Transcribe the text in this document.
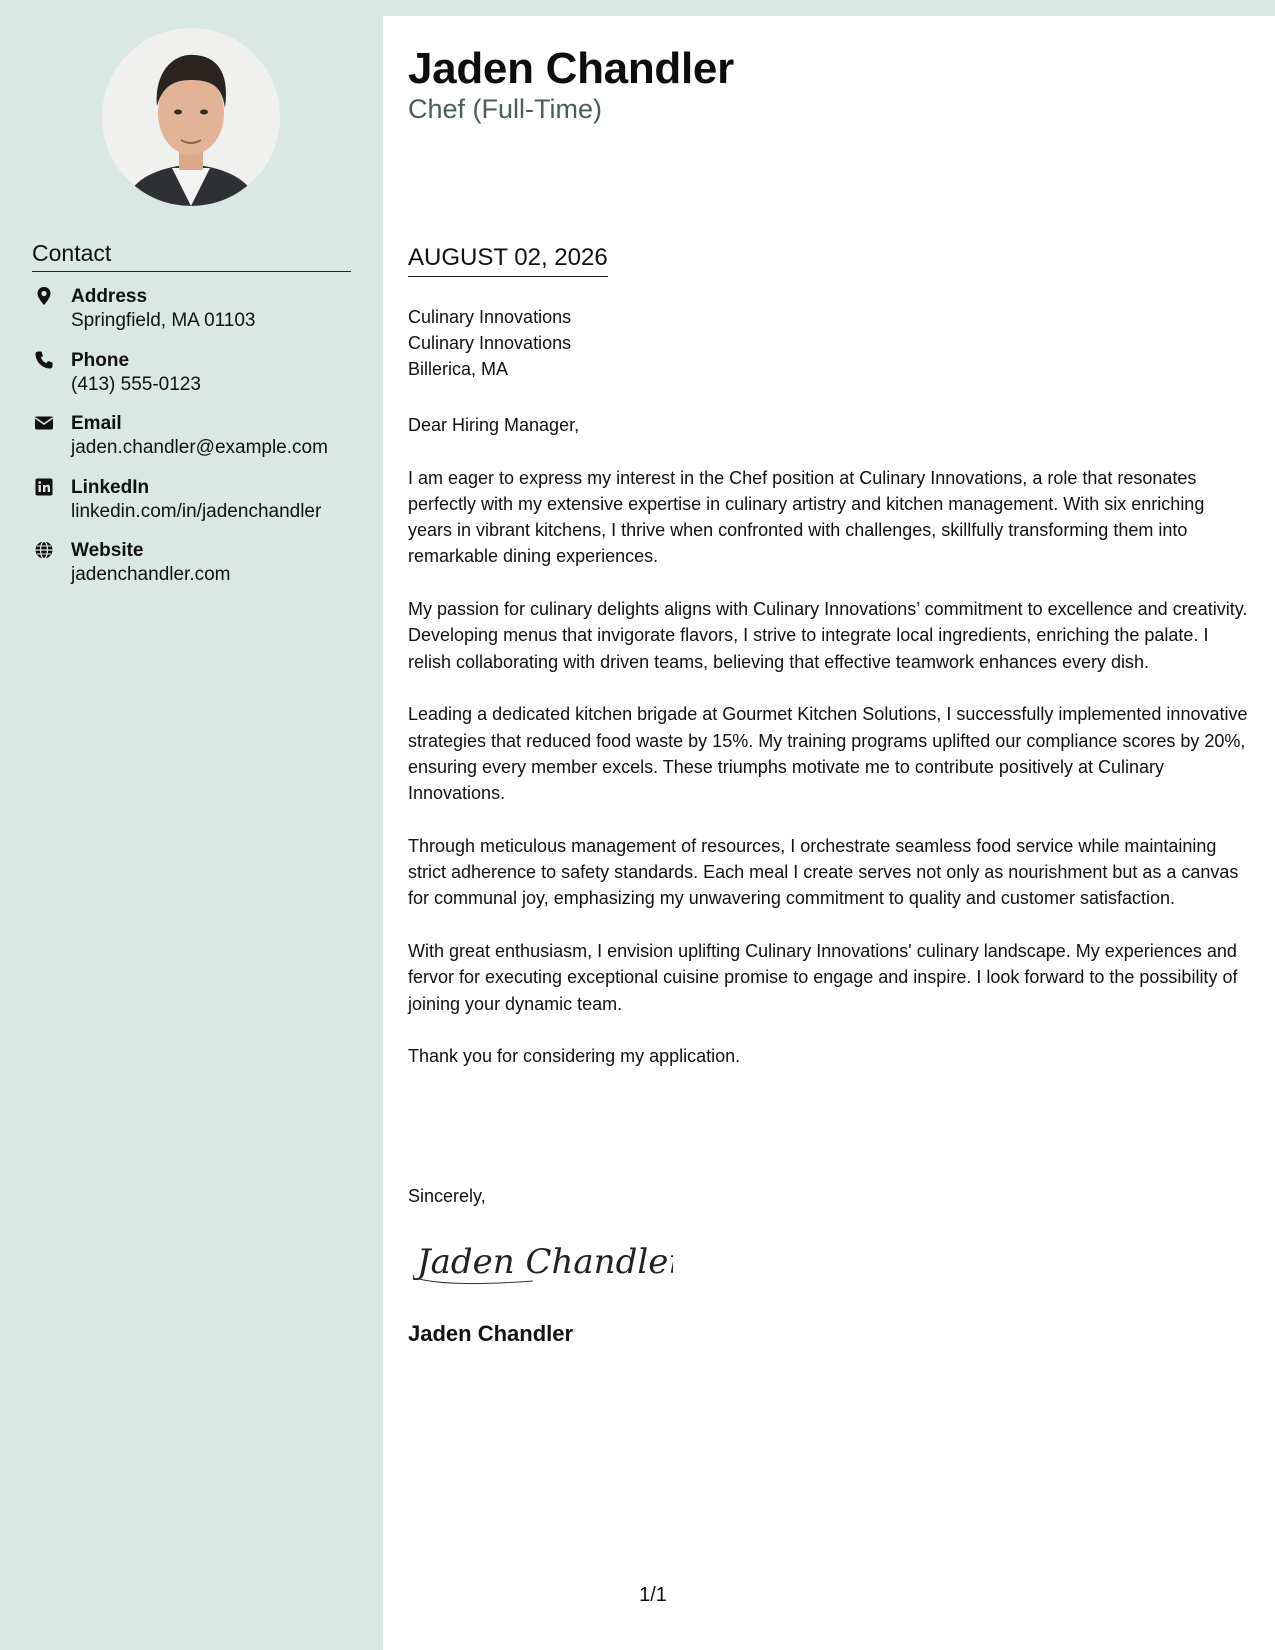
Contact
Address
Springfield, MA 01103
Phone
(413) 555-0123
Email
jaden.chandler@example.com
LinkedIn
linkedin.com/in/jadenchandler
Website
jadenchandler.com
Jaden Chandler
Chef (Full-Time)
AUGUST 02, 2026
Culinary Innovations
Culinary Innovations
Billerica, MA

Dear Hiring Manager,

I am eager to express my interest in the Chef position at Culinary Innovations, a role that resonates perfectly with my extensive expertise in culinary artistry and kitchen management. With six enriching years in vibrant kitchens, I thrive when confronted with challenges, skillfully transforming them into remarkable dining experiences.

My passion for culinary delights aligns with Culinary Innovations’ commitment to excellence and creativity. Developing menus that invigorate flavors, I strive to integrate local ingredients, enriching the palate. I relish collaborating with driven teams, believing that effective teamwork enhances every dish.

Leading a dedicated kitchen brigade at Gourmet Kitchen Solutions, I successfully implemented innovative strategies that reduced food waste by 15%. My training programs uplifted our compliance scores by 20%, ensuring every member excels. These triumphs motivate me to contribute positively at Culinary Innovations.

Through meticulous management of resources, I orchestrate seamless food service while maintaining strict adherence to safety standards. Each meal I create serves not only as nourishment but as a canvas for communal joy, emphasizing my unwavering commitment to quality and customer satisfaction.

With great enthusiasm, I envision uplifting Culinary Innovations' culinary landscape. My experiences and fervor for executing exceptional cuisine promise to engage and inspire. I look forward to the possibility of joining your dynamic team.

Thank you for considering my application.

Sincerely,
Jaden Chandler
Jaden Chandler
1/1
